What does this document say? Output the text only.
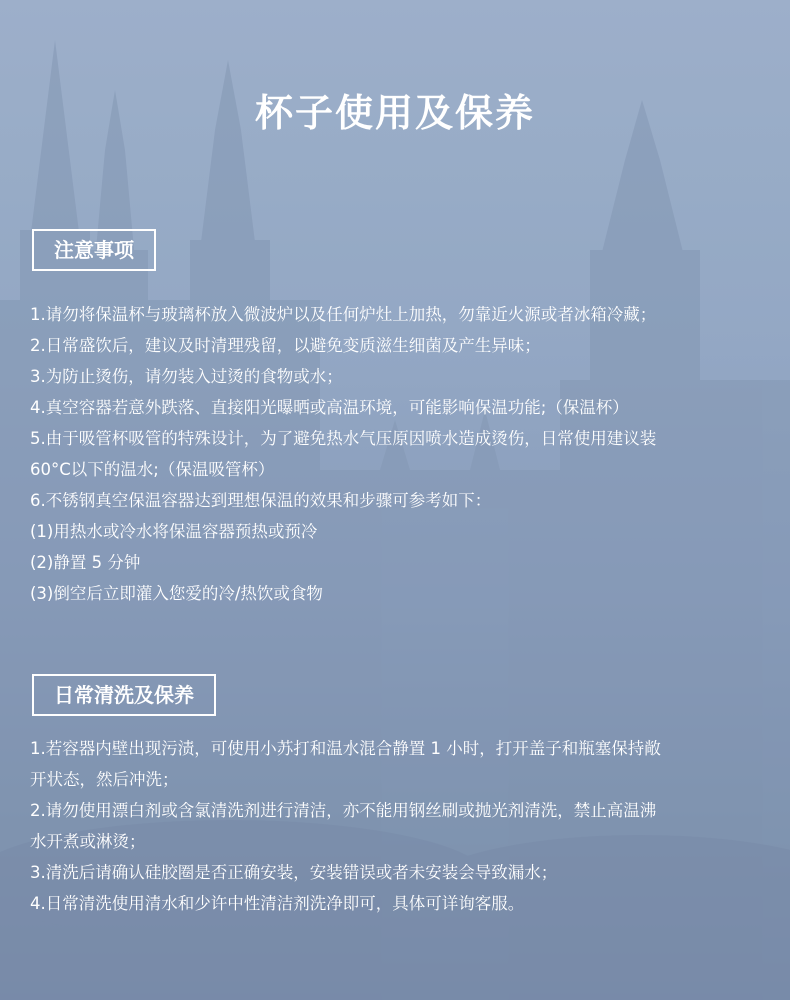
杯子使用及保养
注意事项

1.请勿将保温杯与玻璃杯放入微波炉以及任何炉灶上加热，勿靠近火源或者冰箱冷藏；

2.日常盛饮后，建议及时清理残留，以避免变质滋生细菌及产生异味；

3.为防止烫伤，请勿装入过烫的食物或水；

4.真空容器若意外跌落、直接阳光曝晒或高温环境，可能影响保温功能;（保温杯）

5.由于吸管杯吸管的特殊设计，为了避免热水气压原因喷水造成烫伤，日常使用建议装

60°C以下的温水;（保温吸管杯）

6.不锈钢真空保温容器达到理想保温的效果和步骤可参考如下：

(1)用热水或冷水将保温容器预热或预冷

(2)静置 5 分钟

(3)倒空后立即灌入您爱的冷/热饮或食物

日常清洗及保养

1.若容器内壁出现污渍，可使用小苏打和温水混合静置 1 小时，打开盖子和瓶塞保持敞

开状态，然后冲洗；

2.请勿使用漂白剂或含氯清洗剂进行清洁，亦不能用钢丝刷或抛光剂清洗，禁止高温沸

水开煮或淋烫；

3.清洗后请确认硅胶圈是否正确安装，安装错误或者未安装会导致漏水；

4.日常清洗使用清水和少许中性清洁剂洗净即可，具体可详询客服。
